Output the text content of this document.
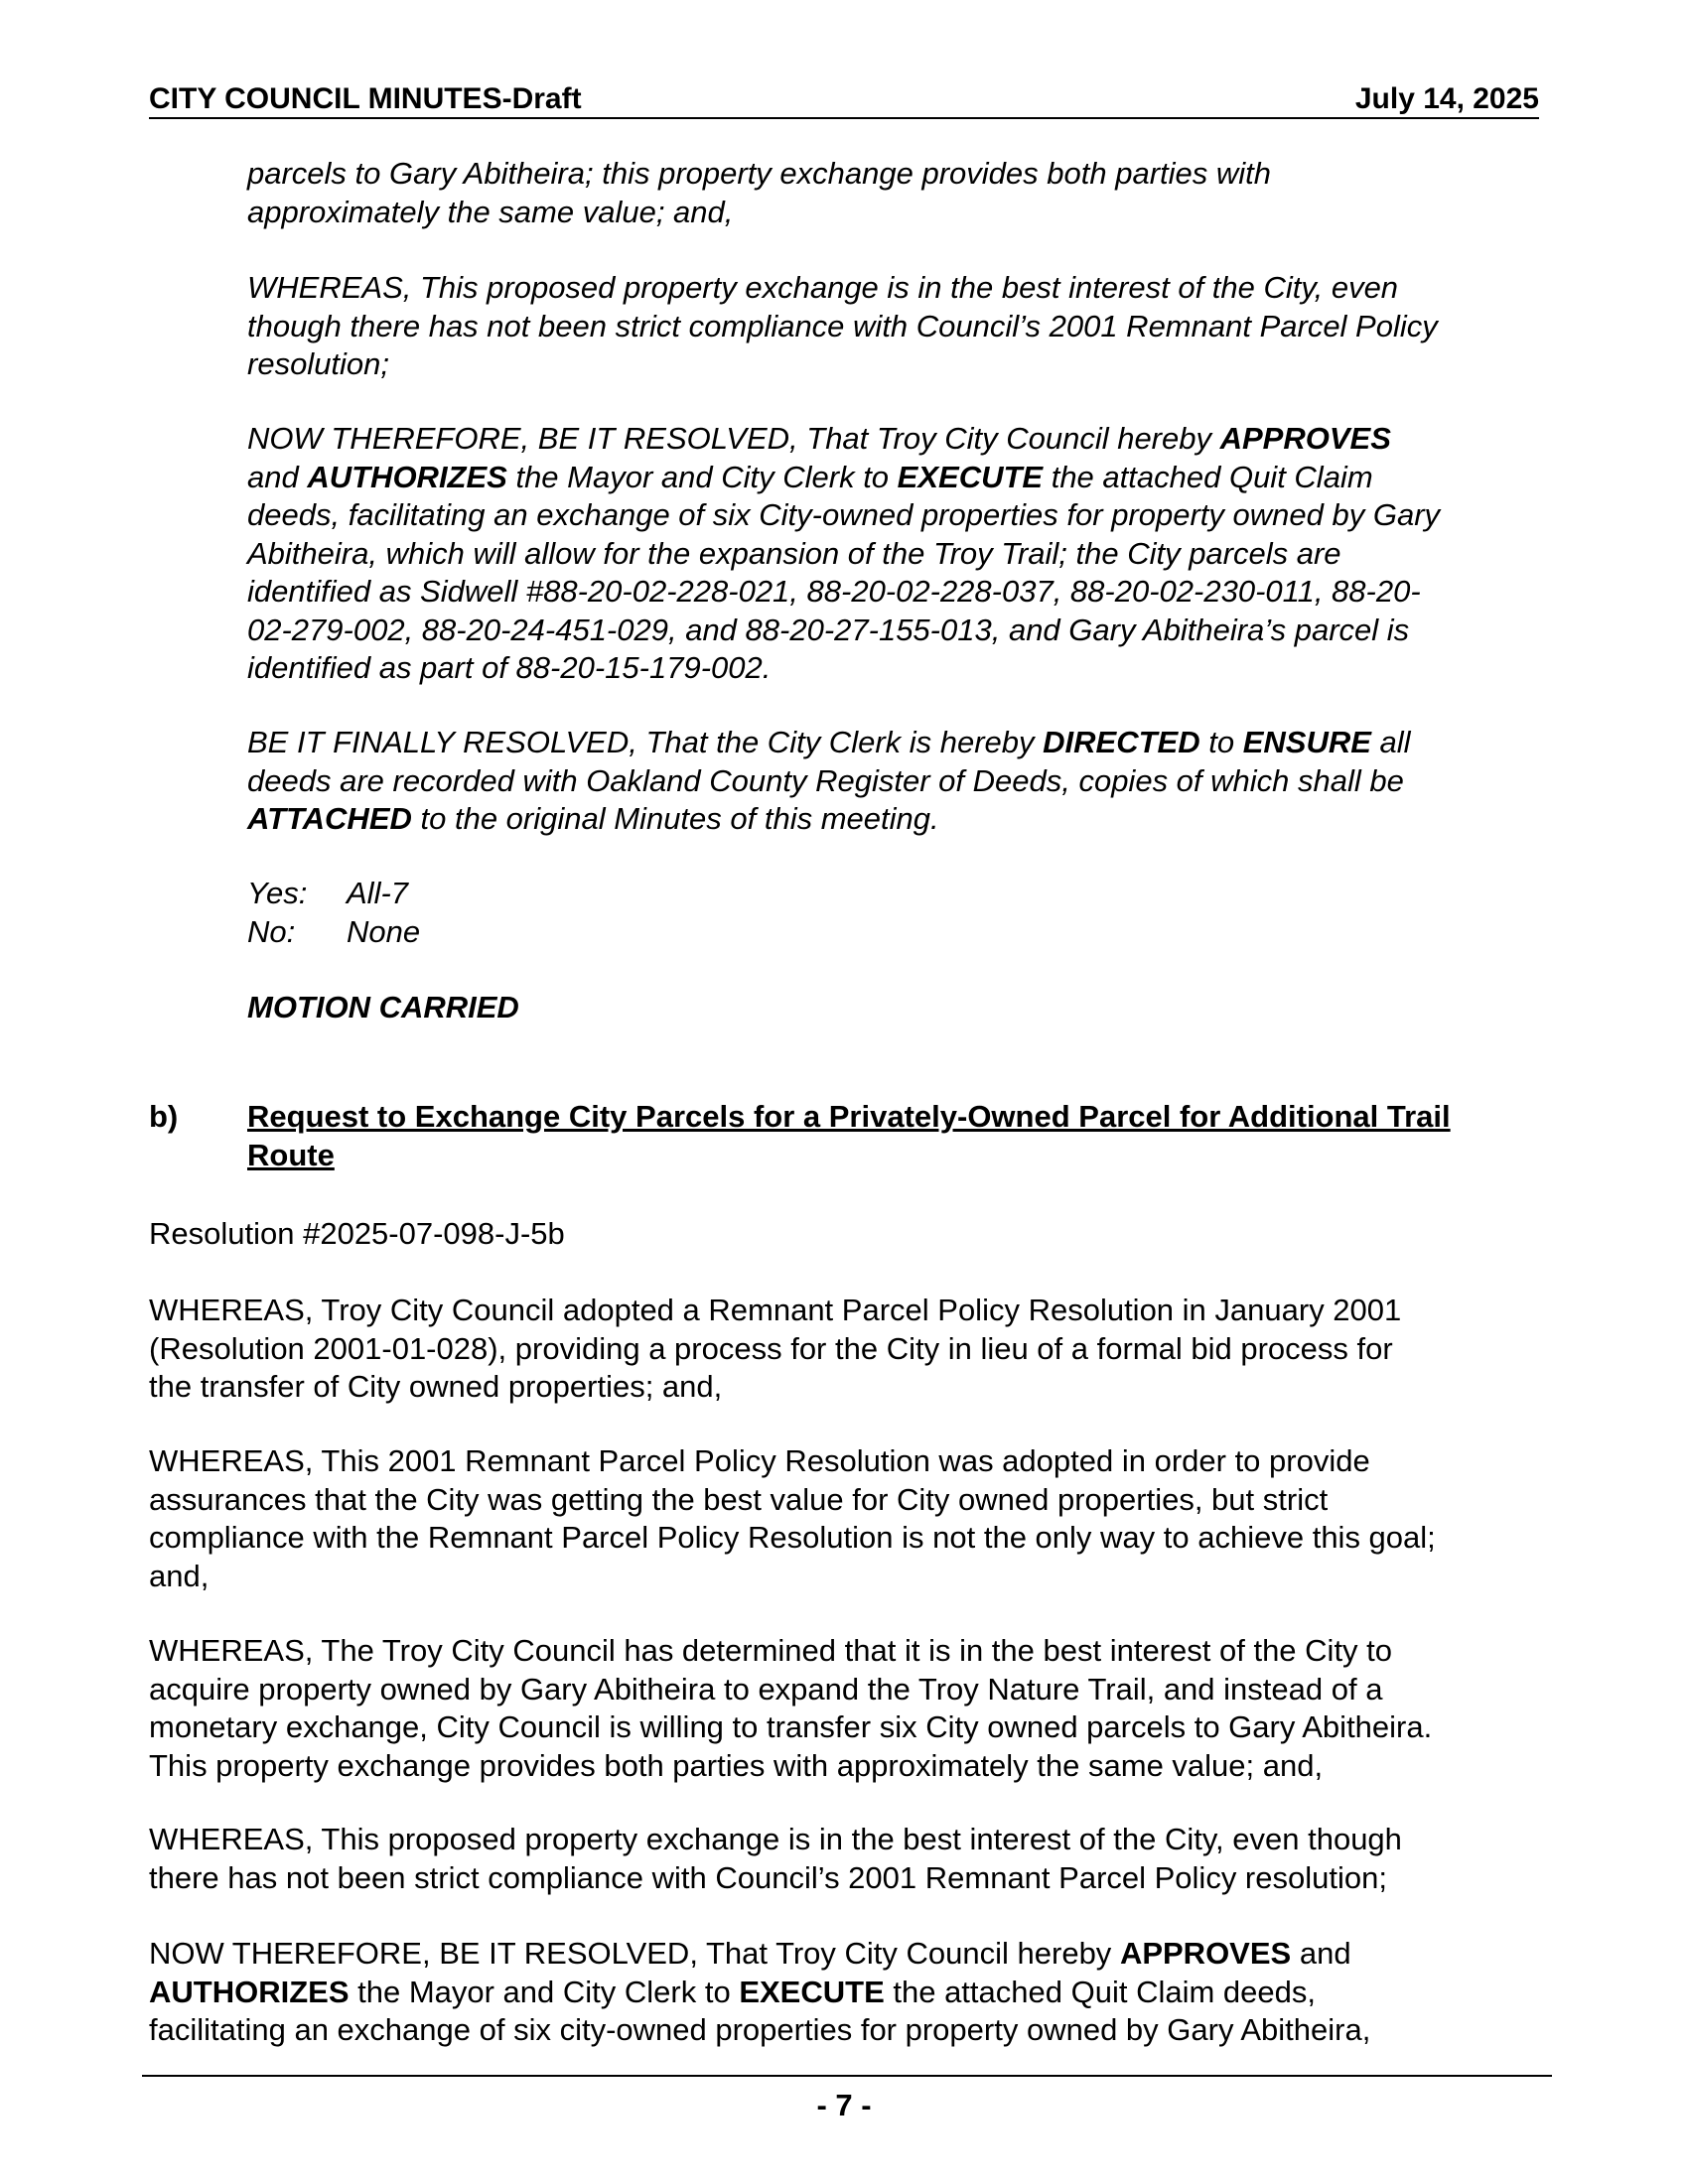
CITY COUNCIL MINUTES-Draft	July 14, 2025
parcels to Gary Abitheira; this property exchange provides both parties with
approximately the same value; and,
WHEREAS, This proposed property exchange is in the best interest of the City, even
though there has not been strict compliance with Council’s 2001 Remnant Parcel Policy
resolution;
NOW THEREFORE, BE IT RESOLVED, That Troy City Council hereby APPROVES
and AUTHORIZES the Mayor and City Clerk to EXECUTE the attached Quit Claim
deeds, facilitating an exchange of six City-owned properties for property owned by Gary
Abitheira, which will allow for the expansion of the Troy Trail; the City parcels are
identified as Sidwell #88-20-02-228-021, 88-20-02-228-037, 88-20-02-230-011, 88-20-
02-279-002, 88-20-24-451-029, and 88-20-27-155-013, and Gary Abitheira’s parcel is
identified as part of 88-20-15-179-002.
BE IT FINALLY RESOLVED, That the City Clerk is hereby DIRECTED to ENSURE all
deeds are recorded with Oakland County Register of Deeds, copies of which shall be
ATTACHED to the original Minutes of this meeting.
Yes:	All-7
No:	None
MOTION CARRIED
b) Request to Exchange City Parcels for a Privately-Owned Parcel for Additional Trail
Route
Resolution #2025-07-098-J-5b
WHEREAS, Troy City Council adopted a Remnant Parcel Policy Resolution in January 2001
(Resolution 2001-01-028), providing a process for the City in lieu of a formal bid process for
the transfer of City owned properties; and,
WHEREAS, This 2001 Remnant Parcel Policy Resolution was adopted in order to provide
assurances that the City was getting the best value for City owned properties, but strict
compliance with the Remnant Parcel Policy Resolution is not the only way to achieve this goal;
and,
WHEREAS, The Troy City Council has determined that it is in the best interest of the City to
acquire property owned by Gary Abitheira to expand the Troy Nature Trail, and instead of a
monetary exchange, City Council is willing to transfer six City owned parcels to Gary Abitheira.
This property exchange provides both parties with approximately the same value; and,
WHEREAS, This proposed property exchange is in the best interest of the City, even though
there has not been strict compliance with Council’s 2001 Remnant Parcel Policy resolution;
NOW THEREFORE, BE IT RESOLVED, That Troy City Council hereby APPROVES and
AUTHORIZES the Mayor and City Clerk to EXECUTE the attached Quit Claim deeds,
facilitating an exchange of six city-owned properties for property owned by Gary Abitheira,
- 7 -
